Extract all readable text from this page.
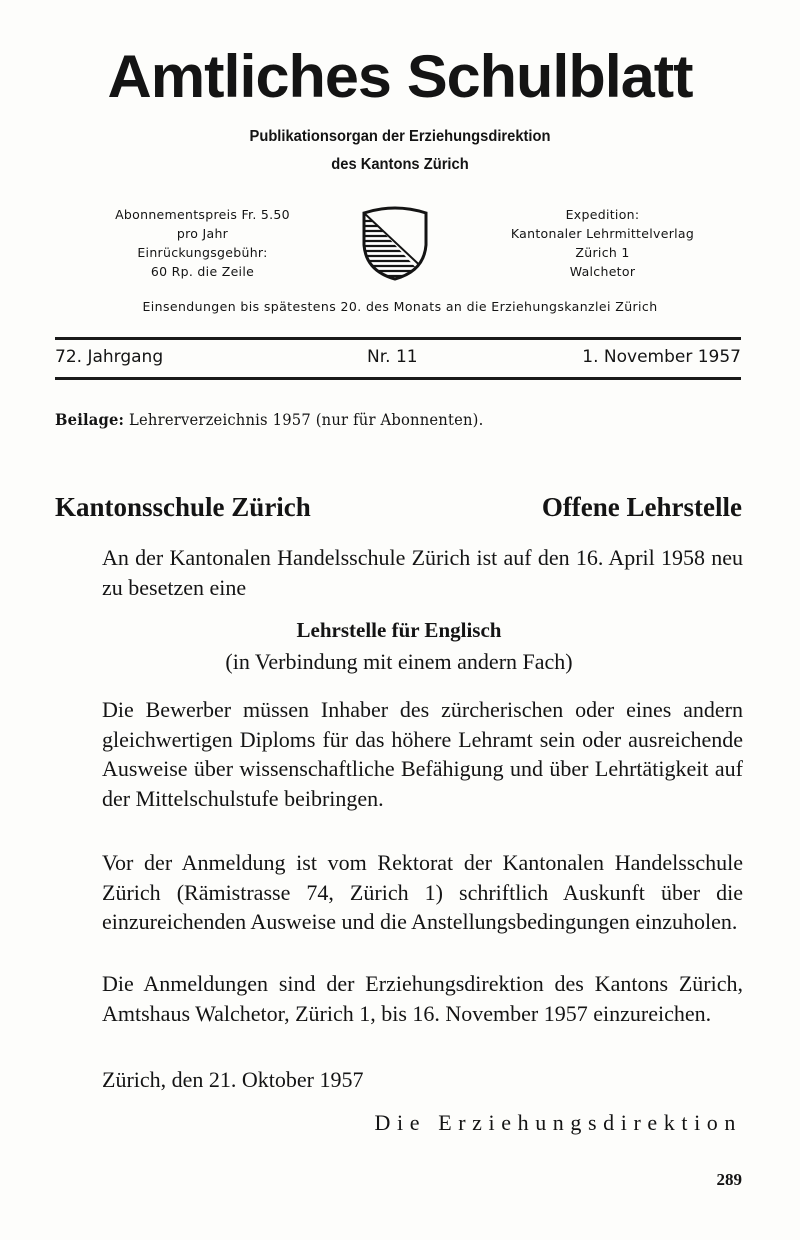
Amtliches Schulblatt
Publikationsorgan der Erziehungsdirektion
des Kantons Zürich
Abonnementspreis Fr. 5.50
pro Jahr
Einrückungsgebühr:
60 Rp. die Zeile
Expedition:
Kantonaler Lehrmittelverlag
Zürich 1
Walchetor
Einsendungen bis spätestens 20. des Monats an die Erziehungskanzlei Zürich
72. Jahrgang	Nr. 11	1. November 1957
Beilage: Lehrerverzeichnis 1957 (nur für Abonnenten).
Kantonsschule Zürich	Offene Lehrstelle
An der Kantonalen Handelsschule Zürich ist auf den 16. April 1958 neu zu besetzen eine
Lehrstelle für Englisch
(in Verbindung mit einem andern Fach)
Die Bewerber müssen Inhaber des zürcherischen oder eines andern gleichwertigen Diploms für das höhere Lehramt sein oder ausreichende Ausweise über wissenschaftliche Befähigung und über Lehrtätigkeit auf der Mittelschulstufe beibringen.
Vor der Anmeldung ist vom Rektorat der Kantonalen Handelsschule Zürich (Rämistrasse 74, Zürich 1) schriftlich Auskunft über die einzureichenden Ausweise und die Anstellungsbedingungen einzuholen.
Die Anmeldungen sind der Erziehungsdirektion des Kantons Zürich, Amtshaus Walchetor, Zürich 1, bis 16. November 1957 einzureichen.
Zürich, den 21. Oktober 1957
Die Erziehungsdirektion
289
